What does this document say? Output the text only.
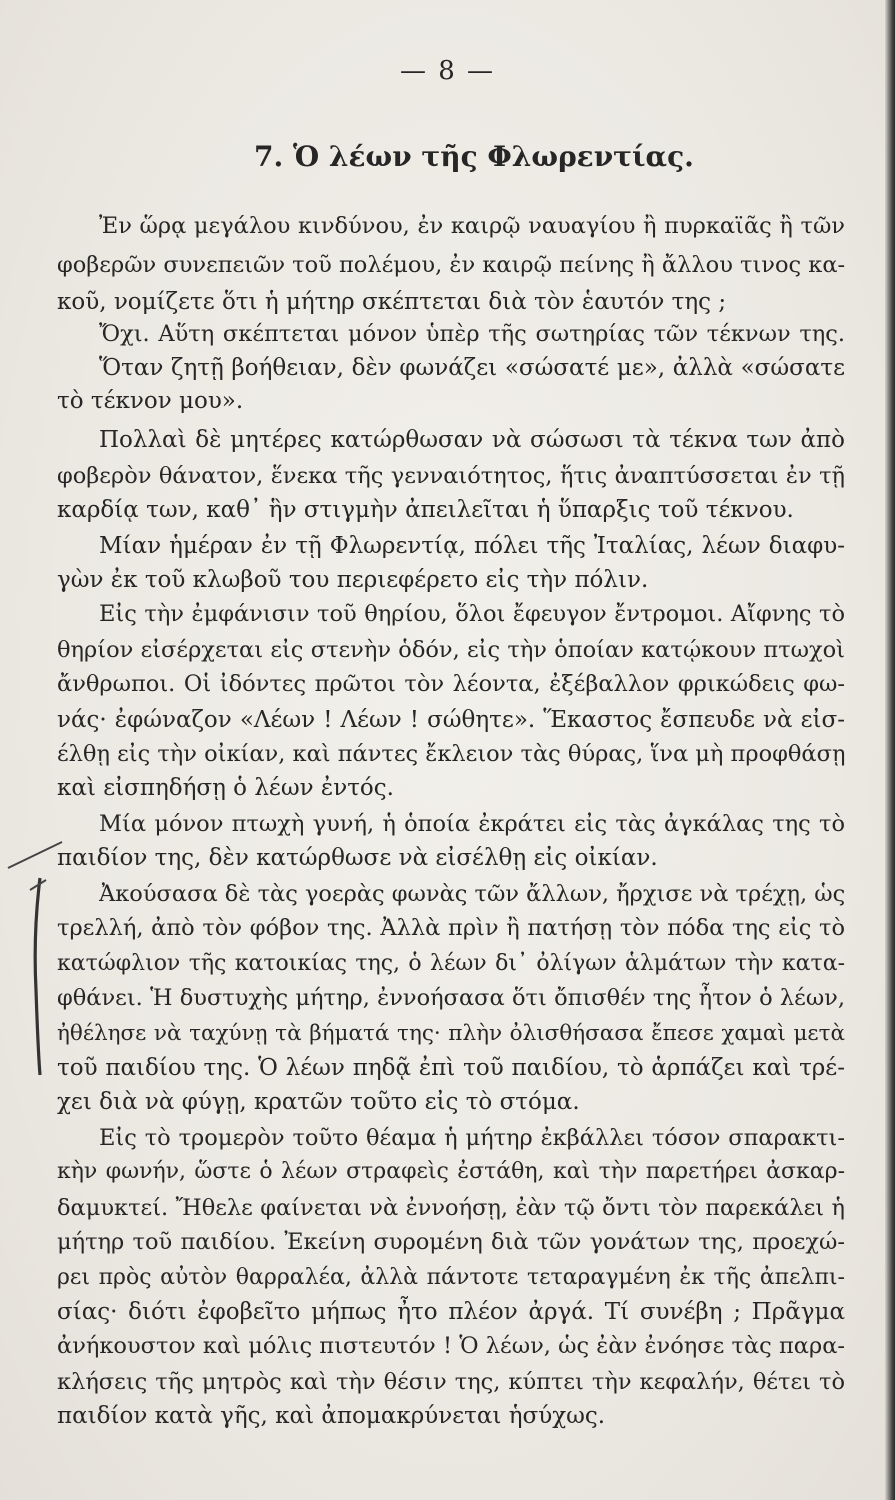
— 8 —
7. Ὁ λέων τῆς Φλωρεντίας.
Ἐν ὥρᾳ μεγάλου κινδύνου, ἐν καιρῷ ναυαγίου ἢ πυρκαϊᾶς ἢ τῶν
φοβερῶν συνεπειῶν τοῦ πολέμου, ἐν καιρῷ πείνης ἢ ἄλλου τινος κα-
κοῦ, νομίζετε ὅτι ἡ μήτηρ σκέπτεται διὰ τὸν ἑαυτόν της ;
Ὄχι. Αὕτη σκέπτεται μόνον ὑπὲρ τῆς σωτηρίας τῶν τέκνων της.
Ὅταν ζητῇ βοήθειαν, δὲν φωνάζει «σώσατέ με», ἀλλὰ «σώσατε
τὸ τέκνον μου».
Πολλαὶ δὲ μητέρες κατώρθωσαν νὰ σώσωσι τὰ τέκνα των ἀπὸ
φοβερὸν θάνατον, ἕνεκα τῆς γενναιότητος, ἥτις ἀναπτύσσεται ἐν τῇ
καρδίᾳ των, καθ᾽ ἣν στιγμὴν ἀπειλεῖται ἡ ὕπαρξις τοῦ τέκνου.
Μίαν ἡμέραν ἐν τῇ Φλωρεντίᾳ, πόλει τῆς Ἰταλίας, λέων διαφυ-
γὼν ἐκ τοῦ κλωβοῦ του περιεφέρετο εἰς τὴν πόλιν.
Εἰς τὴν ἐμφάνισιν τοῦ θηρίου, ὅλοι ἔφευγον ἔντρομοι. Αἴφνης τὸ
θηρίον εἰσέρχεται εἰς στενὴν ὁδόν, εἰς τὴν ὁποίαν κατῴκουν πτωχοὶ
ἄνθρωποι. Οἱ ἰδόντες πρῶτοι τὸν λέοντα, ἐξέβαλλον φρικώδεις φω-
νάς· ἐφώναζον «Λέων ! Λέων ! σώθητε». Ἕκαστος ἔσπευδε νὰ εἰσ-
έλθῃ εἰς τὴν οἰκίαν, καὶ πάντες ἔκλειον τὰς θύρας, ἵνα μὴ προφθάσῃ
καὶ εἰσπηδήσῃ ὁ λέων ἐντός.
Μία μόνον πτωχὴ γυνή, ἡ ὁποία ἐκράτει εἰς τὰς ἀγκάλας της τὸ
παιδίον της, δὲν κατώρθωσε νὰ εἰσέλθῃ εἰς οἰκίαν.
Ἀκούσασα δὲ τὰς γοερὰς φωνὰς τῶν ἄλλων, ἤρχισε νὰ τρέχῃ, ὡς
τρελλή, ἀπὸ τὸν φόβον της. Ἀλλὰ πρὶν ἢ πατήσῃ τὸν πόδα της εἰς τὸ
κατώφλιον τῆς κατοικίας της, ὁ λέων δι᾽ ὀλίγων ἁλμάτων τὴν κατα-
φθάνει. Ἡ δυστυχὴς μήτηρ, ἐννοήσασα ὅτι ὄπισθέν της ἦτον ὁ λέων,
ἠθέλησε νὰ ταχύνῃ τὰ βήματά της· πλὴν ὀλισθήσασα ἔπεσε χαμαὶ μετὰ
τοῦ παιδίου της. Ὁ λέων πηδᾷ ἐπὶ τοῦ παιδίου, τὸ ἁρπάζει καὶ τρέ-
χει διὰ νὰ φύγῃ, κρατῶν τοῦτο εἰς τὸ στόμα.
Εἰς τὸ τρομερὸν τοῦτο θέαμα ἡ μήτηρ ἐκβάλλει τόσον σπαρακτι-
κὴν φωνήν, ὥστε ὁ λέων στραφεὶς ἐστάθη, καὶ τὴν παρετήρει ἀσκαρ-
δαμυκτεί. Ἤθελε φαίνεται νὰ ἐννοήσῃ, ἐὰν τῷ ὄντι τὸν παρεκάλει ἡ
μήτηρ τοῦ παιδίου. Ἐκείνη συρομένη διὰ τῶν γονάτων της, προεχώ-
ρει πρὸς αὐτὸν θαρραλέα, ἀλλὰ πάντοτε τεταραγμένη ἐκ τῆς ἀπελπι-
σίας· διότι ἐφοβεῖτο μήπως ἦτο πλέον ἀργά. Τί συνέβη ; Πρᾶγμα
ἀνήκουστον καὶ μόλις πιστευτόν ! Ὁ λέων, ὡς ἐὰν ἐνόησε τὰς παρα-
κλήσεις τῆς μητρὸς καὶ τὴν θέσιν της, κύπτει τὴν κεφαλήν, θέτει τὸ
παιδίον κατὰ γῆς, καὶ ἀπομακρύνεται ἡσύχως.
